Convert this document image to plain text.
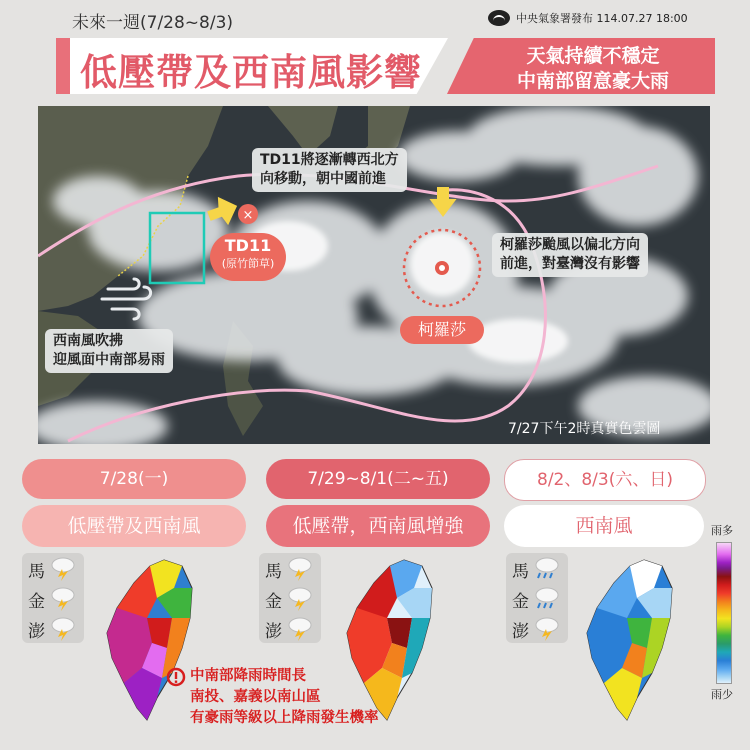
未來一週(7/28~8/3)	中央氣象署發布 114.07.27 18:00
低壓帶及西南風影響	天氣持續不穩定
中南部留意豪大雨
×
TD11將逐漸轉西北方
向移動，朝中國前進
柯羅莎颱風以偏北方向
前進，對臺灣沒有影響
西南風吹拂
迎風面中南部易雨
TD11
(原竹節草)
柯羅莎
7/27下午2時真實色雲圖
7/28(一)	7/29~8/1(二~五)	8/2、8/3(六、日)
低壓帶及西南風	低壓帶，西南風增強	西南風
馬
金
澎
馬
金
澎
馬
金
澎
雨多
雨少
中南部降雨時間長
南投、嘉義以南山區
有豪雨等級以上降雨發生機率
